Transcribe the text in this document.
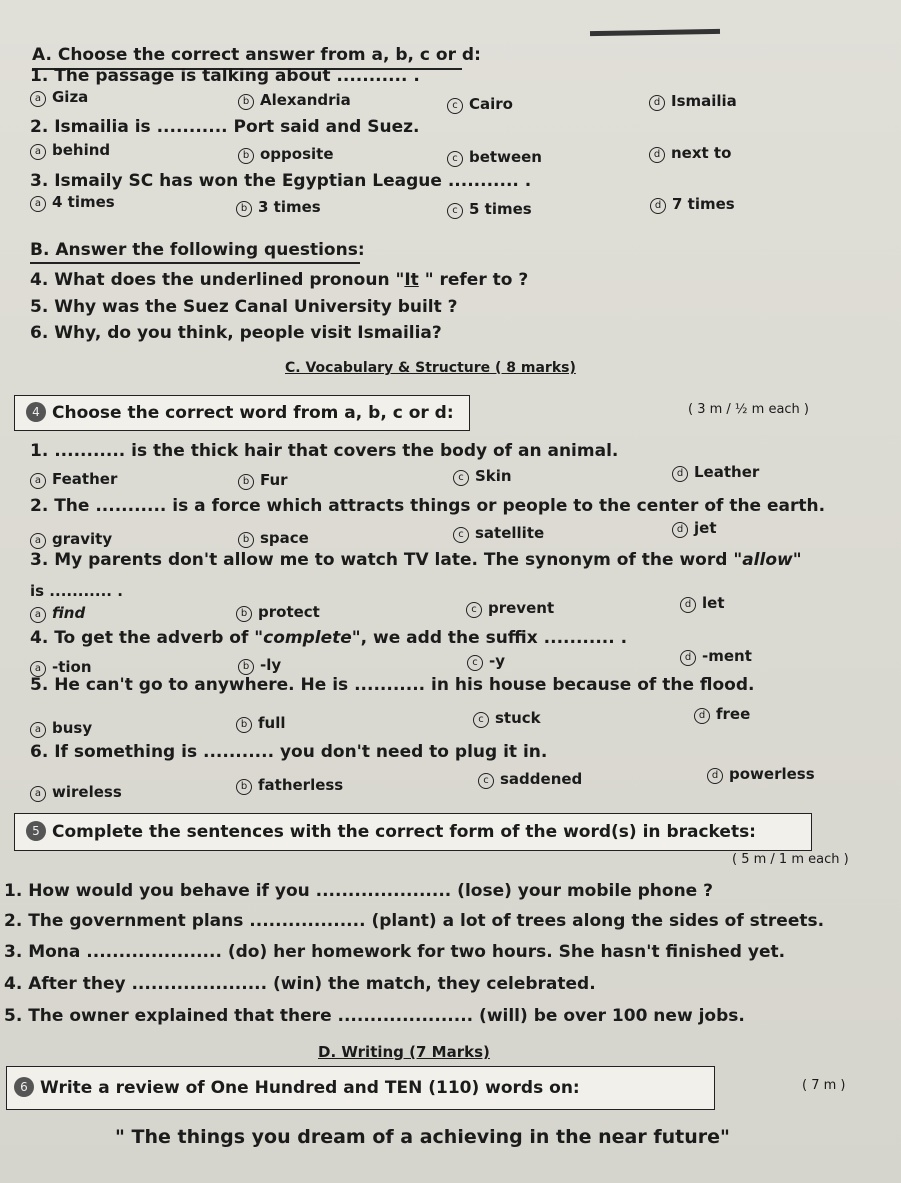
A. Choose the correct answer from a, b, c or d:
1. The passage is talking about ........... .
a Giza	b Alexandria	c Cairo	d Ismailia
2. Ismailia is ........... Port said and Suez.
a behind	b opposite	c between	d next to
3. Ismaily SC has won the Egyptian League ........... .
a 4 times	b 3 times	c 5 times	d 7 times
B. Answer the following questions:
4. What does the underlined pronoun "It " refer to ?
5. Why was the Suez Canal University built ?
6. Why, do you think, people visit Ismailia?
C. Vocabulary & Structure ( 8 marks)
4 Choose the correct word from a, b, c or d:	( 3 m / ½ m each )
1. ........... is the thick hair that covers the body of an animal.
a Feather	b Fur	c Skin	d Leather
2. The ........... is a force which attracts things or people to the center of the earth.
a gravity	b space	c satellite	d jet
3. My parents don't allow me to watch TV late. The synonym of the word "allow"
is ........... .
a find	b protect	c prevent	d let
4. To get the adverb of "complete", we add the suffix ........... .
a -tion	b -ly	c -y	d -ment
5. He can't go to anywhere. He is ........... in his house because of the flood.
a busy	b full	c stuck	d free
6. If something is ........... you don't need to plug it in.
a wireless	b fatherless	c saddened	d powerless
5 Complete the sentences with the correct form of the word(s) in brackets:
( 5 m / 1 m each )
1. How would you behave if you ..................... (lose) your mobile phone ?
2. The government plans .................. (plant) a lot of trees along the sides of streets.
3. Mona ..................... (do) her homework for two hours. She hasn't finished yet.
4. After they ..................... (win) the match, they celebrated.
5. The owner explained that there ..................... (will) be over 100 new jobs.
D. Writing (7 Marks)
6 Write a review of One Hundred and TEN (110) words on:	( 7 m )
" The things you dream of a achieving in the near future"
